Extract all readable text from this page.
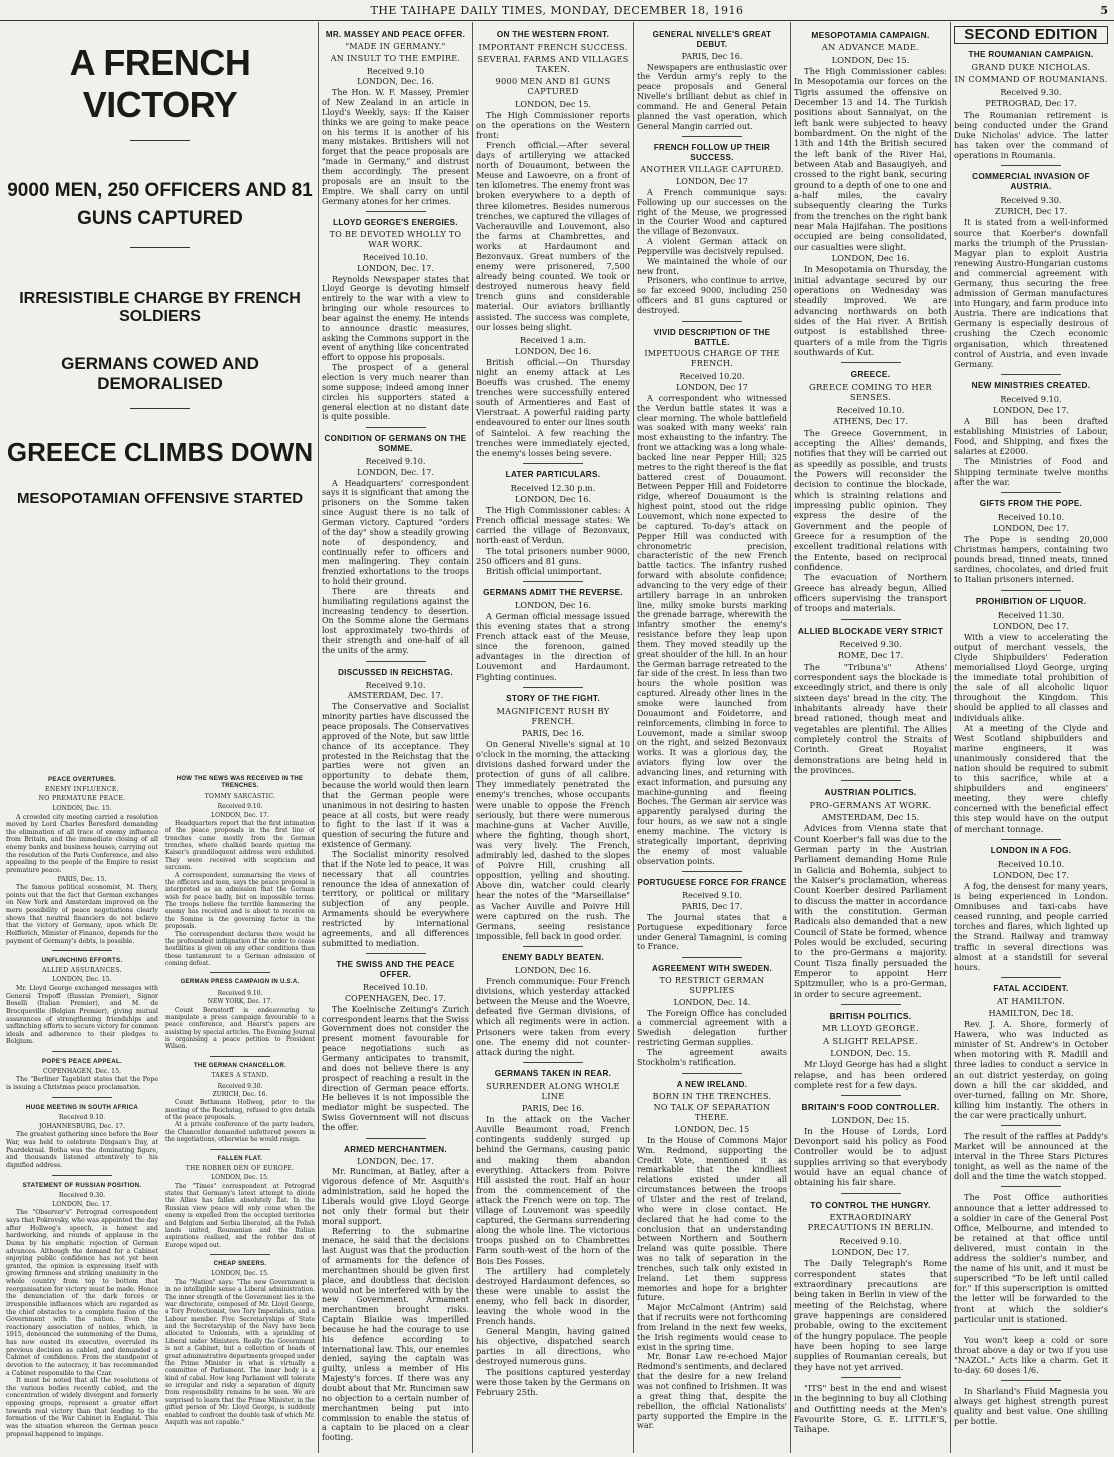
THE TAIHAPE DAILY TIMES, MONDAY, DECEMBER 18, 1916	5
A FRENCH VICTORY
9000 MEN, 250 OFFICERS AND 81 GUNS CAPTURED
IRRESISTIBLE CHARGE BY FRENCH SOLDIERS
GERMANS COWED AND DEMORALISED
GREECE CLIMBS DOWN
MESOPOTAMIAN OFFENSIVE STARTED
PEACE OVERTURES.
ENEMY INFLUENCE.
NO PREMATURE PEACE.
LONDON, Dec. 15.

A crowded city meeting carried a resolution moved by Lord Charles Beresford demanding the elimination of all trace of enemy influence from Britain, and the immediate closing of all enemy banks and business houses, carrying out the resolution of the Paris Conference, and also appealing to the people of the Empire to resist premature peace.

PARIS, Dec. 15.

The famous political economist, M. Thery, points out that the fact that German exchanges on New York and Amsterdam improved on the mere possibility of peace negotiations clearly shows that neutral financiers do not believe that the victory of Germany, upon which Dr. Helfferich, Minister of Finance, depends for the payment of Germany's debts, is possible.

UNFLINCHING EFFORTS.
ALLIED ASSURANCES.
LONDON, Dec. 15.

Mr. Lloyd George exchanged messages with General Trepoff (Russian Premier), Signor Boselli (Italian Premier), and M. de Brocqueville (Belgian Premier), giving mutual assurances of strengthening friendships and unflinching efforts to secure victory for common ideals and adherence to their pledges to Belgium.

POPE'S PEACE APPEAL.
COPENHAGEN, Dec. 15.

The "Berliner Tageblatt states that the Pope is issuing a Christmas peace proclamation.

HUGE MEETING IN SOUTH AFRICA
Received 9.10.
JOHANNESBURG, Dec. 17.

The greatest gathering since before the Boer War, was held to celebrate Dingaan's Day, at Paardekraal. Botha was the dominating figure, and thousands listened attentively to his dignified address.

STATEMENT OF RUSSIAN POSITION.
Received 9.30.
LONDON, Dec. 17.

The "Observer's" Petrograd correspondent says that Pokrovsky, who was appointed the day after Hollweg's speech, is honest and hardworking, and rounds of applause in the Duma by his emphatic rejection of German advances. Although the demand for a Cabinet enjoying public confidence has not yet been granted, the opinion is expressing itself with growing firmness and striking unanimity in the whole country from top to bottom that reorganisation for victory must be made. Hence the denunciation of the dark forces or irresponsible influences which are regarded as the chief obstacles to a complete fusion of the Government with the nation. Even the reactionary association of nobles, which, in 1915, denounced the summoning of the Duma, has now ousted its executive, overruled its previous decision as cabled, and demanded a Cabinet of confidence. From the standpoint of devotion to the autocracy, it has recommended a Cabinet responsible to the Czar.

It must be noted that all the resolutions of the various bodies recently cabled, and the concentration of widely divergent and formerly opposing groups, represent a greater effort towards real victory than that leading to the formation of the War Cabinet in England. This was the situation whereon the German peace proposal happened to impinge.

HOW THE NEWS WAS RECEIVED IN THE TRENCHES.
TOMMY SARCASTIC.
Received 9.10.
LONDON, Dec. 17.

Headquarters report that the first intimation of the peace proposals in the first line of trenches came mostly from the German trenches, where chalked boards quoting the Kaiser's grandiloquent address were exhibited. They were received with scepticism and sarcasm.

A correspondent, summarising the views of the officers and men, says the peace proposal is interpreted as an admission that the German wish for peace badly, but on impossible terms. The troops believe the terrible hammering the enemy has received and is about to receive on the Somme is the governing factor in the proposals.

The correspondent declares there would be the profoundest indignation if the order to cease hostilities is given on any other conditions than those tantamount to a German admission of coming defeat.

GERMAN PRESS CAMPAIGN IN U.S.A.
Received 9.10.
NEW YORK, Dec. 17.

Count Bernstorff is endeavouring to manipulate a press campaign favourable to a peace conference, and Hearst's papers are assisting by special articles. The Evening Journal is organising a peace petition to President Wilson.

THE GERMAN CHANCELLOR.
TAKES A STAND.
Received 9.30.
ZURICH, Dec. 16.

Count Bethmann Hollweg, prior to the meeting of the Reichstag, refused to give details of the peace proposals.

At a private conference of the party leaders, the Chancellor demanded unfettered powers in the negotiations, otherwise he would resign.

FALLEN FLAT.
THE ROBBER DEN OF EUROPE.
LONDON, Dec. 15.

The "Times" correspondent at Petrograd states that Germany's latest attempt to divide the Allies has fallen absolutely flat. In the Russian view peace will only come when the enemy is expelled from the occupied territories and Belgium and Serbia liberated, all the Polish lands united, Roumanian and the Italian aspirations realised, and the robber den of Europe wiped out.

CHEAP SNEERS.
LONDON, Dec. 15.

The "Nation" says: "The new Government is in no intelligible sense a Liberal administration. The inner strength of the Government lies in the war directorate, composed of Mr. Lloyd George, a Tory Protectionist, two Tory Imperialists, and a Labour member. Five Secretaryships of State and the Secretaryship of the Navy have been allocated to Unionists, with a sprinkling of Liberal under Ministers. Really the Government is not a Cabinet, but a collection of heads of great administrative departments grouped under the Prime Minister in what is virtually a committee of Parliament. The inner body is a kind of cabal. How long Parliament will tolerate so irregular and risky a separation of dignity from responsibility remains to be seen. We are surprised to learn that the Prime Minister, in the gifted person of Mr. Lloyd George, is suddenly enabled to confront the double task of which Mr. Asquith was not capable."

MR. MASSEY AND PEACE OFFER.
"MADE IN GERMANY."
AN INSULT TO THE EMPIRE.
Received 9.10
LONDON, Dec. 16.

The Hon. W. F. Massey, Premier of New Zealand in an article in Lloyd's Weekly, says: If the Kaiser thinks we are going to make peace on his terms it is another of his many mistakes. Britishers will not forget that the peace proposals are "made in Germany," and distrust them accordingly. The present proposals are an insult to the Empire. We shall carry on until Germany atones for her crimes.

LLOYD GEORGE'S ENERGIES.
TO BE DEVOTED WHOLLY TO WAR WORK.
Received 10.10.
LONDON, Dec. 17.

Reynolds Newspaper states that Lloyd George is devoting himself entirely to the war with a view to bringing our whole resources to bear against the enemy. He intends to announce drastic measures, asking the Commons support in the event of anything like concentrated effort to oppose his proposals.

The prospect of a general election is very much nearer than some suppose; indeed among inner circles his supporters stated a general election at no distant date is quite possible.

CONDITION OF GERMANS ON THE SOMME.
Received 9.10.
LONDON, Dec. 17.

A Headquarters' correspondent says it is significant that among the prisoners on the Somme taken since August there is no talk of German victory. Captured "orders of the day" show a steadily growing note of despondency, and continually refer to officers and men malingering. They contain frenzied exhortations to the troops to hold their ground.

There are threats and humiliating regulations against the increasing tendency to desertion. On the Somme alone the Germans lost approximately two-thirds of their strength and one-half of all the units of the army.

DISCUSSED IN REICHSTAG.
Received 9.10.
AMSTERDAM, Dec. 17.

The Conservative and Socialist minority parties have discussed the peace proposals. The Conservatives approved of the Note, but saw little chance of its acceptance. They protested in the Reichstag that the parties were not given an opportunity to debate them, because the world would then learn that the German people were unanimous in not desiring to hasten peace at all costs, but were ready to fight to the last if it was a question of securing the future and existence of Germany.

The Socialist minority resolved that if the Note led to peace, it was necessary that all countries renounce the idea of annexation of territory, or political or military subjection of any people. Armaments should be everywhere restricted by international agreements, and all differences submitted to mediation.

THE SWISS AND THE PEACE OFFER.
Received 10.10.
COPENHAGEN, Dec. 17.

The Koelnische Zeitung's Zurich correspondent learns that the Swiss Government does not consider the present moment favourable for peace negotiations such as Germany anticipates to transmit, and does not believe there is any prospect of reaching a result in the direction of German peace efforts. He believes it is not impossible the mediator might be suspected. The Swiss Government will not discuss the offer.

ARMED MERCHANTMEN.
LONDON, Dec. 17.

Mr. Runciman, at Batley, after a vigorous defence of Mr. Asquith's administration, said he hoped the Liberals would give Lloyd George not only their formal but their moral support.

Referring to the submarine menace, he said that the decisions last August was that the production of armaments for the defence of merchantmen should be given first place, and doubtless that decision would not be interfered with by the new Government. Armament merchantmen brought risks. Captain Blaikie was imperilled because he had the courage to use his defence according to international law. This, our enemies denied, saying the captain was guilty, unless a member of His Majesty's forces. If there was any doubt about that Mr. Runciman saw no objection to a certain number of merchantmen being put into commission to enable the status of a captain to be placed on a clear footing.

ON THE WESTERN FRONT.
IMPORTANT FRENCH SUCCESS.
SEVERAL FARMS AND VILLAGES TAKEN.
9000 MEN AND 81 GUNS CAPTURED
LONDON, Dec 15.

The High Commissioner reports on the operations on the Western front:

French official.—After several days of artillerying we attacked north of Douaumont, between the Meuse and Lawoevre, on a front of ten kilometres. The enemy front was broken everywhere to a depth of three kilometres. Besides numerous trenches, we captured the villages of Vacherauville and Louvemont, also the farms at Chambrettes, and works at Hardaumont and Bezonvaux. Great numbers of the enemy were prisonered, 7,500 already being counted. We took or destroyed numerous heavy field trench guns and considerable material. Our aviators brilliantly assisted. The success was complete, our losses being slight.

Received 1 a.m.
LONDON, Dec 16.

British official.—On Thursday night an enemy attack at Les Boeuffs was crushed. The enemy trenches were successfully entered south of Armentieres and East of Vierstraat. A powerful raiding party endeavoured to enter our lines south of Sainteloi. A few reaching the trenches were immediately ejected, the enemy's losses being severe.

LATER PARTICULARS.
Received 12.30 p.m.
LONDON, Dec 16.

The High Commissioner cables: A French official message states: We carried the village of Bezonvaux, north-east of Verdun.

The total prisoners number 9000, 250 officers and 81 guns.

British official unimportant.

GERMANS ADMIT THE REVERSE.
LONDON, Dec 16.

A German official message issued this evening states that a strong French attack east of the Meuse, since the forenoon, gained advantages in the direction of Louvemont and Hardaumont. Fighting continues.

STORY OF THE FIGHT.
MAGNIFICENT RUSH BY FRENCH.
PARIS, Dec 16.

On General Nivelle's signal at 10 o'clock in the morning, the attacking divisions dashed forward under the protection of guns of all calibre. They immediately penetrated the enemy's trenches, whose occupants were unable to oppose the French seriously, but there were numerous machine-guns at Vacher Auville, where the fighting, though short, was very lively. The French, admirably led, dashed to the slopes of Poivre Hill, crushing all opposition, yelling and shouting. Above din, watcher could clearly hear the notes of the "Marseillaise" as Vacher Auville and Poivre Hill were captured on the rush. The Germans, seeing resistance impossible, fell back in good order.

ENEMY BADLY BEATEN.
LONDON, Dec 16.

French communique: Four French divisions, which yesterday attacked between the Meuse and the Woevre, defeated five German divisions, of which all regiments were in action. Prisoners were taken from every one. The enemy did not counter-attack during the night.

GERMANS TAKEN IN REAR.
SURRENDER ALONG WHOLE LINE
PARIS, Dec 16.

In the attack on the Vacher Auville Beaumont road, French contingents suddenly surged up behind the Germans, causing panic and making them abandon everything. Attackers from Poivre Hill assisted the rout. Half an hour from the commencement of the attack the French were on top. The village of Louvemont was speedily captured, the Germans surrendering along the whole line. The victorious troops pushed on to Chambrettes Farm south-west of the horn of the Bois Des Fosses.

The artillery had completely destroyed Hardaumont defences, so these were unable to assist the enemy, who fell back in disorder, leaving the whole wood in the French hands.

General Mangin, having gained his objective, dispatched search parties in all directions, who destroyed numerous guns.

The positions captured yesterday were those taken by the Germans on February 25th.

GENERAL NIVELLE'S GREAT DEBUT.
PARIS, Dec 16.

Newspapers are enthusiastic over the Verdun army's reply to the peace proposals and General Nivelle's brilliant debut as chief in command. He and General Petain planned the vast operation, which General Mangin carried out.

FRENCH FOLLOW UP THEIR SUCCESS.
ANOTHER VILLAGE CAPTURED.
LONDON, Dec 17

A French communique says: Following up our successes on the right of the Meuse, we progressed in the Courier Wood and captured the village of Bezonvaux.

A violent German attack on Pepperville was decisively repulsed.

We maintained the whole of our new front.

Prisoners, who continue to arrive, so far exceed 9000, including 250 officers and 81 guns captured or destroyed.

VIVID DESCRIPTION OF THE BATTLE.
IMPETUOUS CHARGE OF THE FRENCH.
Received 10.20.
LONDON, Dec 17

A correspondent who witnessed the Verdun battle states it was a clear morning. The whole battlefield was soaked with many weeks' rain most exhausting to the infantry. The front we attacking was a long whale-backed line near Pepper Hill; 325 metres to the right thereof is the flat battered crest of Douaumont. Between Pepper Hill and Foidetorre ridge, whereof Douaumont is the highest point, stood out the ridge Louvemont, which none expected to be captured. To-day's attack on Pepper Hill was conducted with chronometric precision, characteristic of the new French battle tactics. The infantry rushed forward with absolute confidence; advancing to the very edge of their artillery barrage in an unbroken line, milky smoke bursts marking the grenade barrage, wherewith the infantry smother the enemy's resistance before they leap upon them. They moved steadily up the great shoulder of the hill. In an hour the German barrage retreated to the far side of the crest. In less than two hours the whole position was captured. Already other lines in the smoke were launched from Douaumont and Foidetorre, and reinforcements, climbing in force to Louvemont, made a similar swoop on the right, and seized Bezonvaux works. It was a glorious day, the aviators flying low over the advancing lines, and returning with exact information, and pursuing any machine-gunning and fleeing Boches. The German air service was apparently paralysed during the four hours, as we saw not a single enemy machine. The victory is strategically important, depriving the enemy of most valuable observation points.

PORTUGUESE FORCE FOR FRANCE
Received 9.10.
PARIS, Dec 17.

The Journal states that a Portuguese expeditionary force under General Tamagnini, is coming to France.

AGREEMENT WITH SWEDEN.
TO RESTRICT GERMAN SUPPLIES
LONDON, Dec. 14.

The Foreign Office has concluded a commercial agreement with a Swedish delegation further restricting German supplies.

The agreement awaits Stockholm's ratification.

A NEW IRELAND.
BORN IN THE TRENCHES.
NO TALK OF SEPARATION THERE.
LONDON, Dec. 15

In the House of Commons Major Wm. Redmond, supporting the Credit Vote, mentioned it as remarkable that the kindliest relations existed under all circumstances between the troops of Ulster and the rest of Ireland, who were in close contact. He declared that he had come to the conclusion that an understanding between Northern and Southern Ireland was quite possible. There was no talk of separation in the trenches, such talk only existed in Ireland. Let them suppress memories and hope for a brighter future.

Major McCalmont (Antrim) said that if recruits were not forthcoming from Ireland in the next few weeks, the Irish regiments would cease to exist in the spring time.

Mr. Bonar Law re-echoed Major Redmond's sentiments, and declared that the desire for a new Ireland was not confined to Irishmen. It was a great thing that, despite the rebellion, the official Nationalists' party supported the Empire in the war.

MESOPOTAMIA CAMPAIGN.
AN ADVANCE MADE.
LONDON, Dec 15.

The High Commissioner cables: In Mesopotamia our forces on the Tigris assumed the offensive on December 13 and 14. The Turkish positions about Sannaiyat, on the left bank were subjected to heavy bombardment. On the night of the 13th and 14th the British secured the left bank of the River Hai, between Atab and Basaugiyeh, and crossed to the right bank, securing ground to a depth of one to one and a-half miles, the cavalry subsequently clearing the Turks from the trenches on the right bank near Mala Hajifahan. The positions occupied are being consolidated, our casualties were slight.

LONDON, Dec 16.

In Mesopotamia on Thursday, the initial advantage secured by our operations on Wednesday was steadily improved. We are advancing northwards on both sides of the Hai river. A British outpost is established three-quarters of a mile from the Tigris southwards of Kut.

GREECE.
GREECE COMING TO HER SENSES.
Received 10.10.
ATHENS, Dec 17.

The Greece Government, in accepting the Allies' demands, notifies that they will be carried out as speedily as possible, and trusts the Powers will reconsider the decision to continue the blockade, which is straining relations and impressing public opinion. They express the desire of the Government and the people of Greece for a resumption of the excellent traditional relations with the Entente, based on reciprocal confidence.

The evacuation of Northern Greece has already begun, Allied officers supervising the transport of troops and materials.

ALLIED BLOCKADE VERY STRICT
Received 9.30.
ROME, Dec 17.

The "Tribuna's" Athens' correspondent says the blockade is exceedingly strict, and there is only sixteen days' bread in the city. The inhabitants already have their bread rationed, though meat and vegetables are plentiful. The Allies completely control the Straits of Corinth. Great Royalist demonstrations are being held in the provinces.

AUSTRIAN POLITICS.
PRO-GERMANS AT WORK.
AMSTERDAM, Dec 15.

Advices from Vienna state that Count Koerber's fall was due to the German party in the Austrian Parliament demanding Home Rule in Galicia and Bohemia, subject to the Kaiser's proclamation, whereas Count Koerber desired Parliament to discuss the matter in accordance with the constitution. German Radicals also demanded that a new Council of State be formed, whence Poles would be excluded, securing to the pro-Germans a majority. Count Tisza finally persuaded the Emperor to appoint Herr Spitzmuller, who is a pro-German, in order to secure agreement.

BRITISH POLITICS.
MR LLOYD GEORGE.
A SLIGHT RELAPSE.
LONDON, Dec. 15.

Mr Lloyd George has had a slight relapse, and has been ordered complete rest for a few days.

BRITAIN'S FOOD CONTROLLER.
LONDON, Dec 15.

In the House of Lords, Lord Devonport said his policy as Food Controller would be to adjust supplies arriving so that everybody would have an equal chance of obtaining his fair share.

TO CONTROL THE HUNGRY.
EXTRAORDINARY PRECAUTIONS IN BERLIN.
Received 9.10.
LONDON, Dec 17.

The Daily Telegraph's Rome correspondent states that extraordinary precautions are being taken in Berlin in view of the meeting of the Reichstag, where grave happenings are considered probable, owing to the excitement of the hungry populace. The people have been hoping to see large supplies of Roumanian cereals, but they have not yet arrived.

"ITS" best in the end and wisest in the beginning to buy all Clothing and Outfitting needs at the Men's Favourite Store, G. E. LITTLE'S, Taihape.

SECOND EDITION
THE ROUMANIAN CAMPAIGN.
GRAND DUKE NICHOLAS.
IN COMMAND OF ROUMANIANS.
Received 9.30.
PETROGRAD, Dec 17.

The Roumanian retirement is being conducted under the Grand Duke Nicholas' advice. The latter has taken over the command of operations in Roumania.

COMMERCIAL INVASION OF AUSTRIA.
Received 9.30.
ZURICH, Dec 17.

It is stated from a well-informed source that Koerber's downfall marks the triumph of the Prussian-Magyar plan to exploit Austria renewing Austro-Hungarian customs and commercial agreement with Germany, thus securing the free admission of German manufactures into Hungary, and farm produce into Austria. There are indications that Germany is especially desirous of crushing the Czech economic organisation, which threatened control of Austria, and even invade Germany.

NEW MINISTRIES CREATED.
Received 9.10.
LONDON, Dec 17.

A Bill has been drafted establishing Ministries of Labour, Food, and Shipping, and fixes the salaries at £2000.

The Ministries of Food and Shipping terminate twelve months after the war.

GIFTS FROM THE POPE.
Received 10.10.
LONDON, Dec 17.

The Pope is sending 20,000 Christmas hampers, containing two pounds bread, tinned meats, tinned sardines, chocolates, and dried fruit to Italian prisoners interned.

PROHIBITION OF LIQUOR.
Received 11.30.
LONDON, Dec 17.

With a view to accelerating the output of merchant vessels, the Clyde Shipbuilders' Federation memorialised Lloyd George, urging the immediate total prohibition of the sale of all alcoholic liquor throughout the Kingdom. This should be applied to all classes and individuals alike.

At a meeting of the Clyde and West Scotland shipbuilders and marine engineers, it was unanimously considered that the nation should be required to submit to this sacrifice, while at a shipbuilders and engineers' meeting, they were chiefly concerned with the beneficial effect this step would have on the output of merchant tonnage.

LONDON IN A FOG.
Received 10.10.
LONDON, Dec 17.

A fog, the densest for many years, is being experienced in London. Omnibuses and taxi-cabs have ceased running, and people carried torches and flares, which lighted up the Strand. Railway and tramway traffic in several directions was almost at a standstill for several hours.

FATAL ACCIDENT.
AT HAMILTON.
HAMILTON, Dec 18.

Rev. J. A. Shore, formerly of Hawera, who was inducted as minister of St. Andrew's in October when motoring with R. Madill and three ladies to conduct a service in an out district yesterday, on going down a hill the car skidded, and over-turned, falling on Mr. Shore, killing him instantly. The others in the car were practically unhurt.

The result of the raffles at Paddy's Market will be announced at the interval in the Three Stars Pictures tonight, as well as the name of the doll and the time the watch stopped.

The Post Office authorities announce that a letter addressed to a soldier in care of the General Post Office, Melbourne, and intended to be retained at that office until delivered, must contain in the address the soldier's number, and the name of his unit, and it must be superscribed "To be left until called for." If this superscription is omitted the letter will be forwarded to the front at which the soldier's particular unit is stationed.

You won't keep a cold or sore throat above a day or two if you use "NAZOL." Acts like a charm. Get it to-day. 60 doses 1/6.

In Sharland's Fluid Magnesia you always get highest strength purest quality and best value. One shilling per bottle.
